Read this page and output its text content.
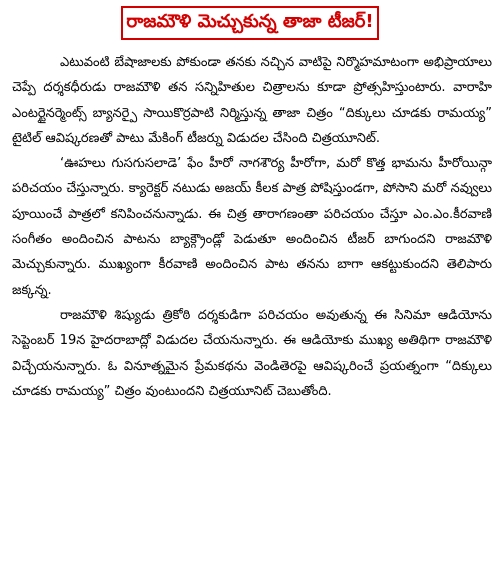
రాజమౌళి మెచ్చుకున్న తాజా టీజర్!

ఎటువంటి బేషాజాలకు పోకుండా తనకు నచ్చిన వాటిపై నిర్మొహమాటంగా అభిప్రాయాలు చెప్పే దర్శకధీరుడు రాజమౌళి తన సన్నిహితుల చిత్రాలను కూడా ప్రోత్సహిస్తుంటారు. వారాహి ఎంటర్టైనర్మెంట్స్ బ్యానర్పై సాయికొర్రపాటి నిర్మిస్తున్న తాజా చిత్రం “దిక్కులు చూడకు రామయ్య” టైటిల్ ఆవిష్కరణతో పాటు మేకింగ్ టీజర్ను విడుదల చేసింది చిత్రయూనిట్.

‘ఊహలు గుసగుసలాడె’ ఫేం హీరో నాగశౌర్య హీరోగా, మరో కొత్త భామను హీరోయిన్గా పరిచయం చేస్తున్నారు. క్యారెక్టర్ నటుడు అజయ్ కీలక పాత్ర పోషిస్తుండగా, పోసాని మరో నవ్వులు పూయించే పాత్రలో కనిపించనున్నాడు. ఈ చిత్ర తారాగణంతా పరిచయం చేస్తూ ఎం.ఎం.కీరవాణి సంగీతం అందించిన పాటను బ్యాక్గ్రౌండ్లో పెడుతూ అందించిన టీజర్ బాగుందని రాజమౌళి మెచ్చుకున్నారు. ముఖ్యంగా కీరవాణి అందించిన పాట తనను బాగా ఆకట్టుకుందని తెలిపారు జక్కన్న.

రాజమౌళి శిష్యుడు త్రికోఠి దర్శకుడిగా పరిచయం అవుతున్న ఈ సినిమా ఆడియోను సెప్టెంబర్ 19న హైదరాబాద్లో విడుదల చేయనున్నారు. ఈ ఆడియోకు ముఖ్య అతిథిగా రాజమౌళి విచ్చేయనున్నారు. ఓ వినూత్నమైన ప్రేమకథను వెండితెరపై ఆవిష్కరించే ప్రయత్నంగా “దిక్కులు చూడకు రామయ్య” చిత్రం వుంటుందని చిత్రయూనిట్ చెబుతోంది.
